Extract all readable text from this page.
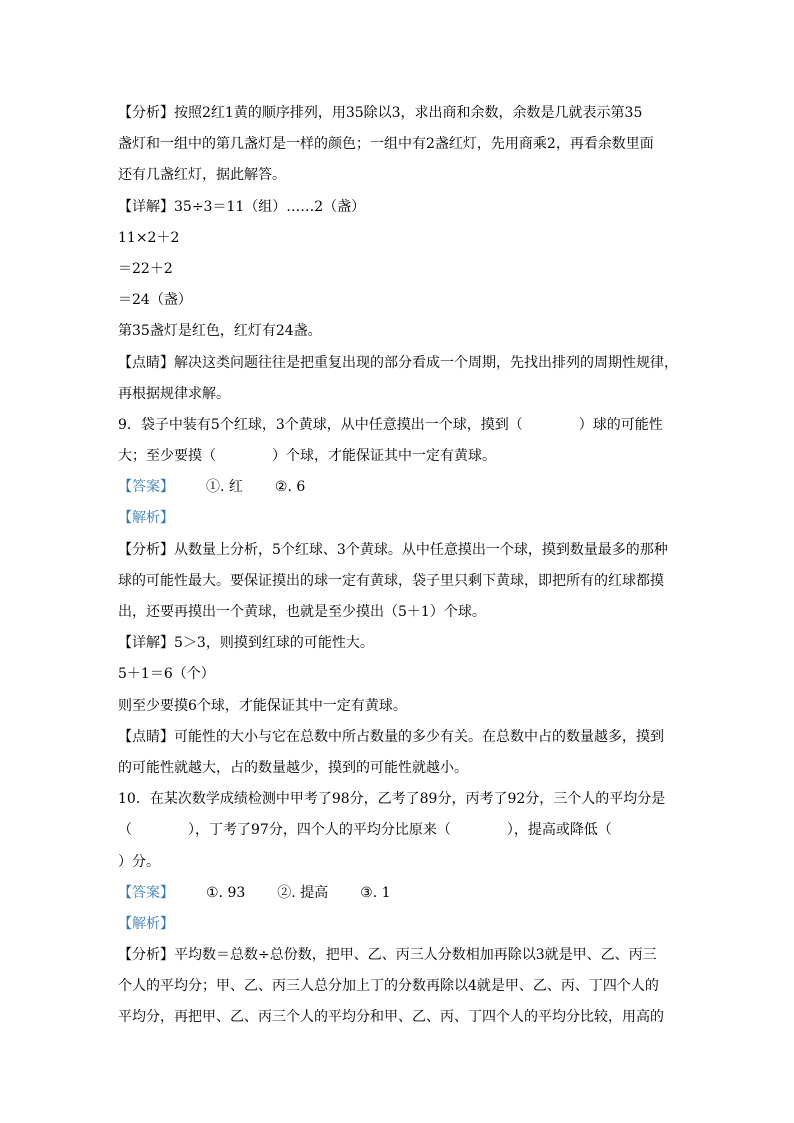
【分析】按照2红1黄的顺序排列，用35除以3，求出商和余数，余数是几就表示第35
盏灯和一组中的第几盏灯是一样的颜色；一组中有2盏红灯，先用商乘2，再看余数里面
还有几盏红灯，据此解答。
【详解】35÷3＝11（组）……2（盏）
11×2＋2
＝22＋2
＝24（盏）
第35盏灯是红色，红灯有24盏。
【点睛】解决这类问题往往是把重复出现的部分看成一个周期，先找出排列的周期性规律，
再根据规律求解。
9．袋子中装有5个红球，3个黄球，从中任意摸出一个球，摸到（　　　　）球的可能性
大；至少要摸（　　　　）个球，才能保证其中一定有黄球。
【答案】 ①. 红 ②. 6
【解析】
【分析】从数量上分析，5个红球、3个黄球。从中任意摸出一个球，摸到数量最多的那种
球的可能性最大。要保证摸出的球一定有黄球，袋子里只剩下黄球，即把所有的红球都摸
出，还要再摸出一个黄球，也就是至少摸出（5＋1）个球。
【详解】5＞3，则摸到红球的可能性大。
5＋1＝6（个）
则至少要摸6个球，才能保证其中一定有黄球。
【点睛】可能性的大小与它在总数中所占数量的多少有关。在总数中占的数量越多，摸到
的可能性就越大，占的数量越少，摸到的可能性就越小。
10．在某次数学成绩检测中甲考了98分，乙考了89分，丙考了92分，三个人的平均分是
（　　　　），丁考了97分，四个人的平均分比原来（　　　　），提高或降低（　　　　
）分。
【答案】 ①. 93 ②. 提高 ③. 1
【解析】
【分析】平均数＝总数÷总份数，把甲、乙、丙三人分数相加再除以3就是甲、乙、丙三
个人的平均分；甲、乙、丙三人总分加上丁的分数再除以4就是甲、乙、丙、丁四个人的
平均分，再把甲、乙、丙三个人的平均分和甲、乙、丙、丁四个人的平均分比较，用高的
